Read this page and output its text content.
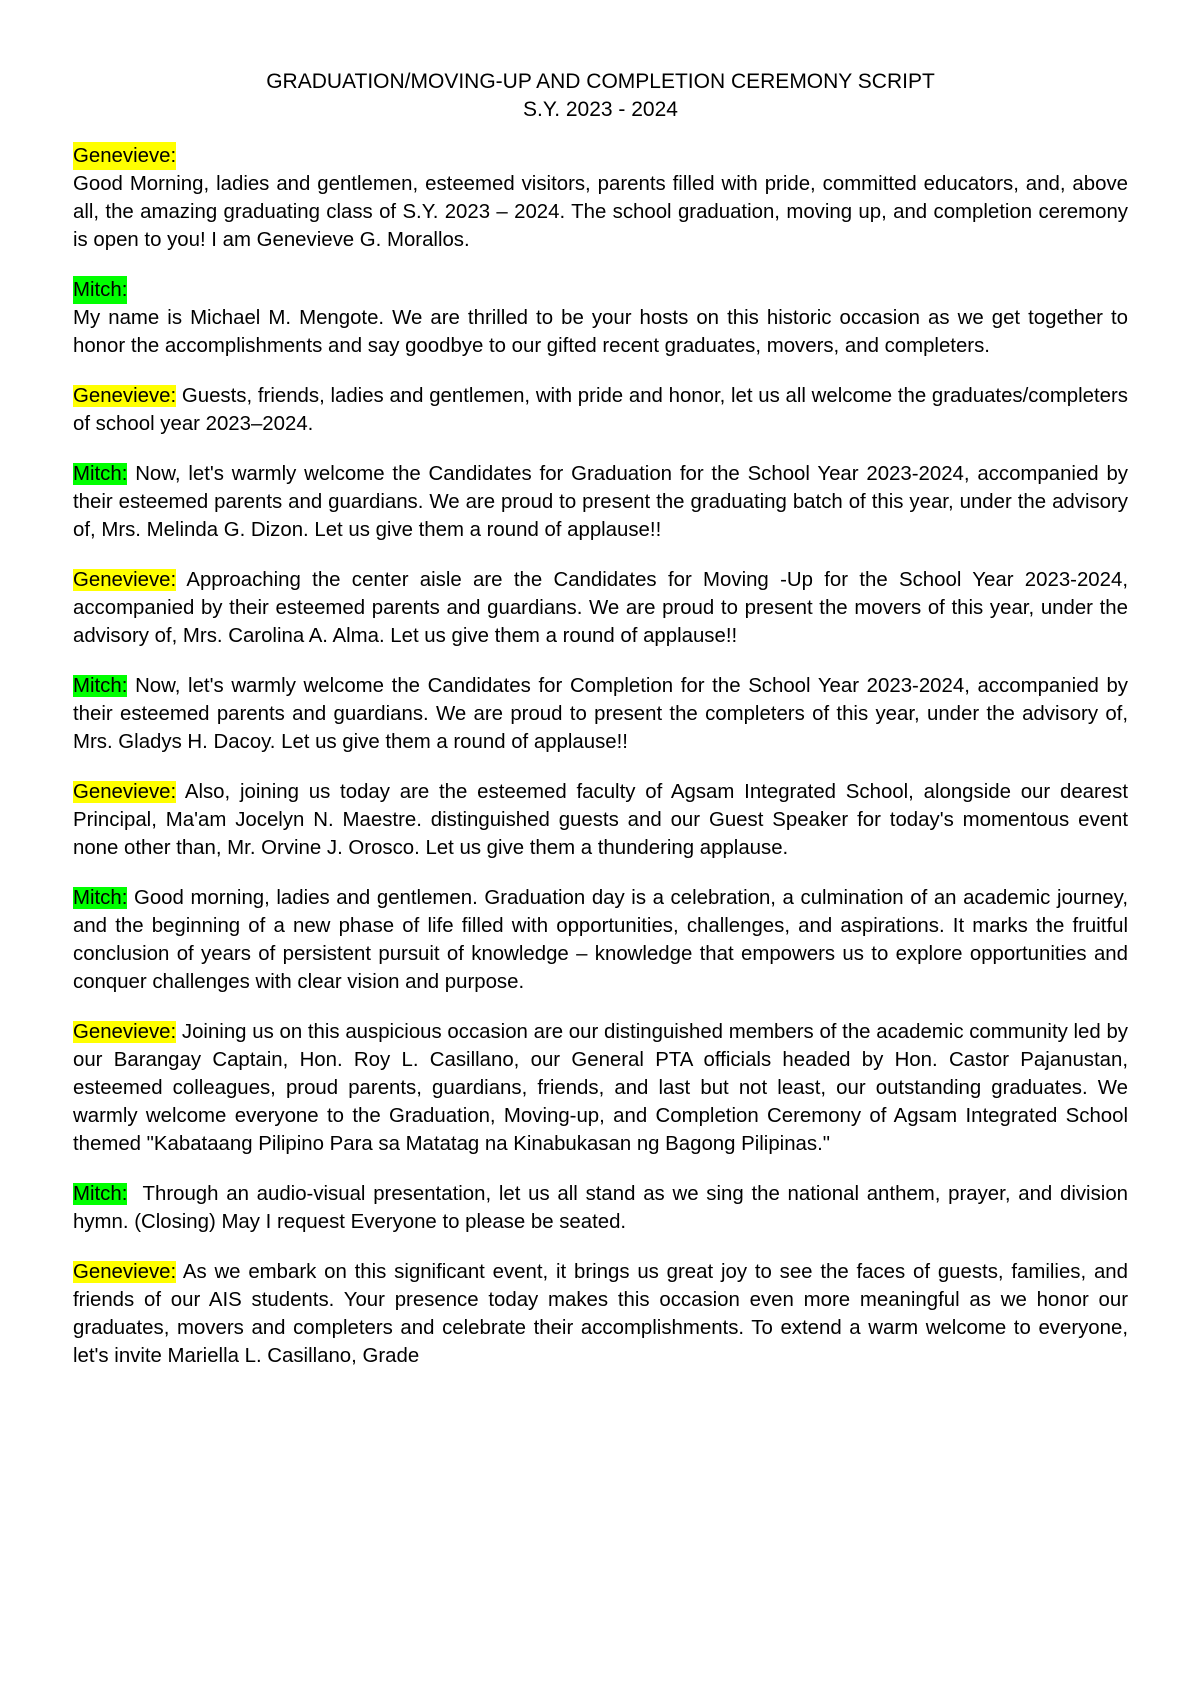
GRADUATION/MOVING-UP AND COMPLETION CEREMONY SCRIPT
S.Y. 2023 - 2024
Genevieve:
Good Morning, ladies and gentlemen, esteemed visitors, parents filled with pride, committed educators, and, above all, the amazing graduating class of S.Y. 2023 – 2024. The school graduation, moving up, and completion ceremony is open to you! I am Genevieve G. Morallos.
Mitch:
My name is Michael M. Mengote. We are thrilled to be your hosts on this historic occasion as we get together to honor the accomplishments and say goodbye to our gifted recent graduates, movers, and completers.
Genevieve: Guests, friends, ladies and gentlemen, with pride and honor, let us all welcome the graduates/completers of school year 2023–2024.
Mitch: Now, let's warmly welcome the Candidates for Graduation for the School Year 2023-2024, accompanied by their esteemed parents and guardians. We are proud to present the graduating batch of this year, under the advisory of, Mrs. Melinda G. Dizon. Let us give them a round of applause!!
Genevieve: Approaching the center aisle are the Candidates for Moving -Up for the School Year 2023-2024, accompanied by their esteemed parents and guardians. We are proud to present the movers of this year, under the advisory of, Mrs. Carolina A. Alma. Let us give them a round of applause!!
Mitch: Now, let's warmly welcome the Candidates for Completion for the School Year 2023-2024, accompanied by their esteemed parents and guardians. We are proud to present the completers of this year, under the advisory of, Mrs. Gladys H. Dacoy. Let us give them a round of applause!!
Genevieve: Also, joining us today are the esteemed faculty of Agsam Integrated School, alongside our dearest Principal, Ma'am Jocelyn N. Maestre. distinguished guests and our Guest Speaker for today's momentous event none other than, Mr. Orvine J. Orosco. Let us give them a thundering applause.
Mitch: Good morning, ladies and gentlemen. Graduation day is a celebration, a culmination of an academic journey, and the beginning of a new phase of life filled with opportunities, challenges, and aspirations. It marks the fruitful conclusion of years of persistent pursuit of knowledge – knowledge that empowers us to explore opportunities and conquer challenges with clear vision and purpose.
Genevieve: Joining us on this auspicious occasion are our distinguished members of the academic community led by our Barangay Captain, Hon. Roy L. Casillano, our General PTA officials headed by Hon. Castor Pajanustan, esteemed colleagues, proud parents, guardians, friends, and last but not least, our outstanding graduates. We warmly welcome everyone to the Graduation, Moving-up, and Completion Ceremony of Agsam Integrated School themed "Kabataang Pilipino Para sa Matatag na Kinabukasan ng Bagong Pilipinas."
Mitch: Through an audio-visual presentation, let us all stand as we sing the national anthem, prayer, and division hymn. (Closing) May I request Everyone to please be seated.
Genevieve: As we embark on this significant event, it brings us great joy to see the faces of guests, families, and friends of our AIS students. Your presence today makes this occasion even more meaningful as we honor our graduates, movers and completers and celebrate their accomplishments. To extend a warm welcome to everyone, let's invite Mariella L. Casillano, Grade
